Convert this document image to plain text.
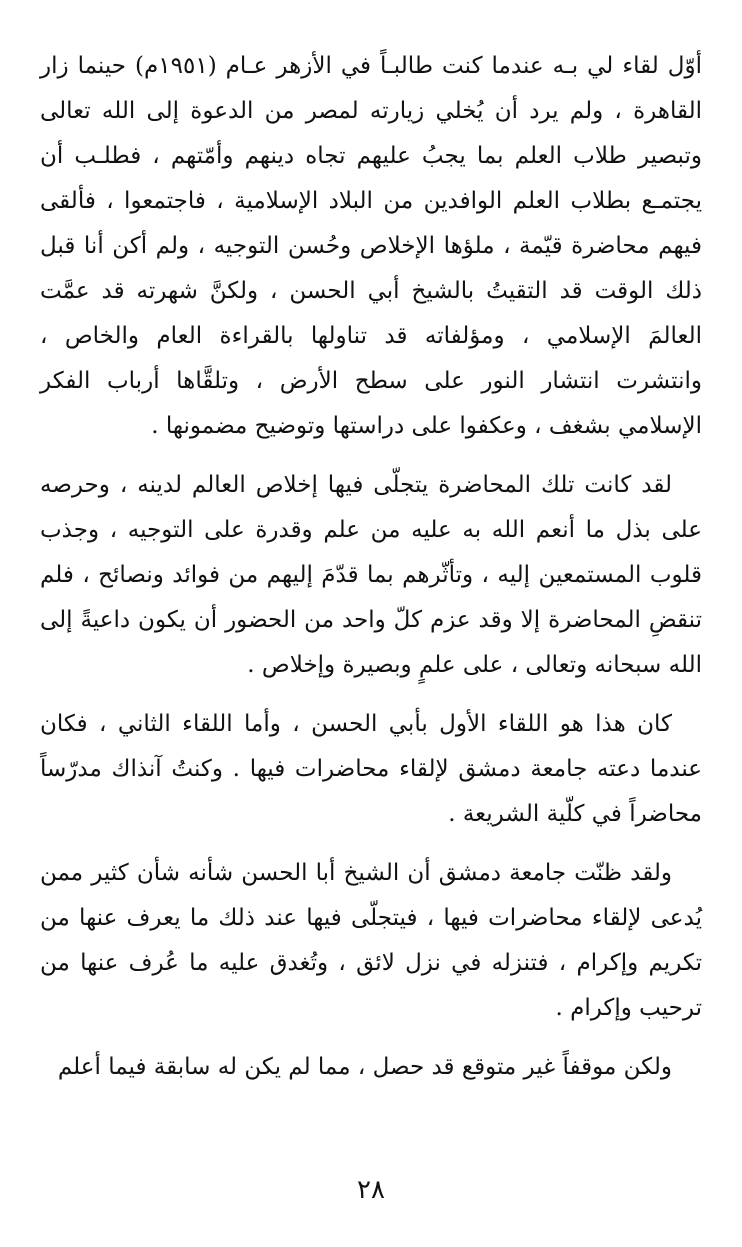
أوّل لقاء لي بـه عندما كنت طالبـاً في الأزهر عـام (١٩٥١م) حينما زار القاهرة ، ولم يرد أن يُخلي زيارته لمصر من الدعوة إلى الله تعالى وتبصير طلاب العلم بما يجبُ عليهم تجاه دينهم وأمّتهم ، فطلـب أن يجتمـع بطلاب العلم الوافدين من البلاد الإسلامية ، فاجتمعوا ، فألقى فيهم محاضرة قيّمة ، ملؤها الإخلاص وحُسن التوجيه ، ولم أكن أنا قبل ذلك الوقت قد التقيتُ بالشيخ أبي الحسن ، ولكنَّ شهرته قد عمَّت العالمَ الإسلامي ، ومؤلفاته قد تناولها بالقراءة العام والخاص ، وانتشرت انتشار النور على سطح الأرض ، وتلقَّاها أرباب الفكر الإسلامي بشغف ، وعكفوا على دراستها وتوضيح مضمونها .

لقد كانت تلك المحاضرة يتجلّى فيها إخلاص العالم لدينه ، وحرصه على بذل ما أنعم الله به عليه من علم وقدرة على التوجيه ، وجذب قلوب المستمعين إليه ، وتأثّرهم بما قدّمَ إليهم من فوائد ونصائح ، فلم تنقضِ المحاضرة إلا وقد عزم كلّ واحد من الحضور أن يكون داعيةً إلى الله سبحانه وتعالى ، على علمٍ وبصيرة وإخلاص .

كان هذا هو اللقاء الأول بأبي الحسن ، وأما اللقاء الثاني ، فكان عندما دعته جامعة دمشق لإلقاء محاضرات فيها . وكنتُ آنذاك مدرّساً محاضراً في كلّية الشريعة .

ولقد ظنّت جامعة دمشق أن الشيخ أبا الحسن شأنه شأن كثير ممن يُدعى لإلقاء محاضرات فيها ، فيتجلّى فيها عند ذلك ما يعرف عنها من تكريم وإكرام ، فتنزله في نزل لائق ، وتُغدق عليه ما عُرف عنها من ترحيب وإكرام .

ولكن موقفاً غير متوقع قد حصل ، مما لم يكن له سابقة فيما أعلم

٢٨
